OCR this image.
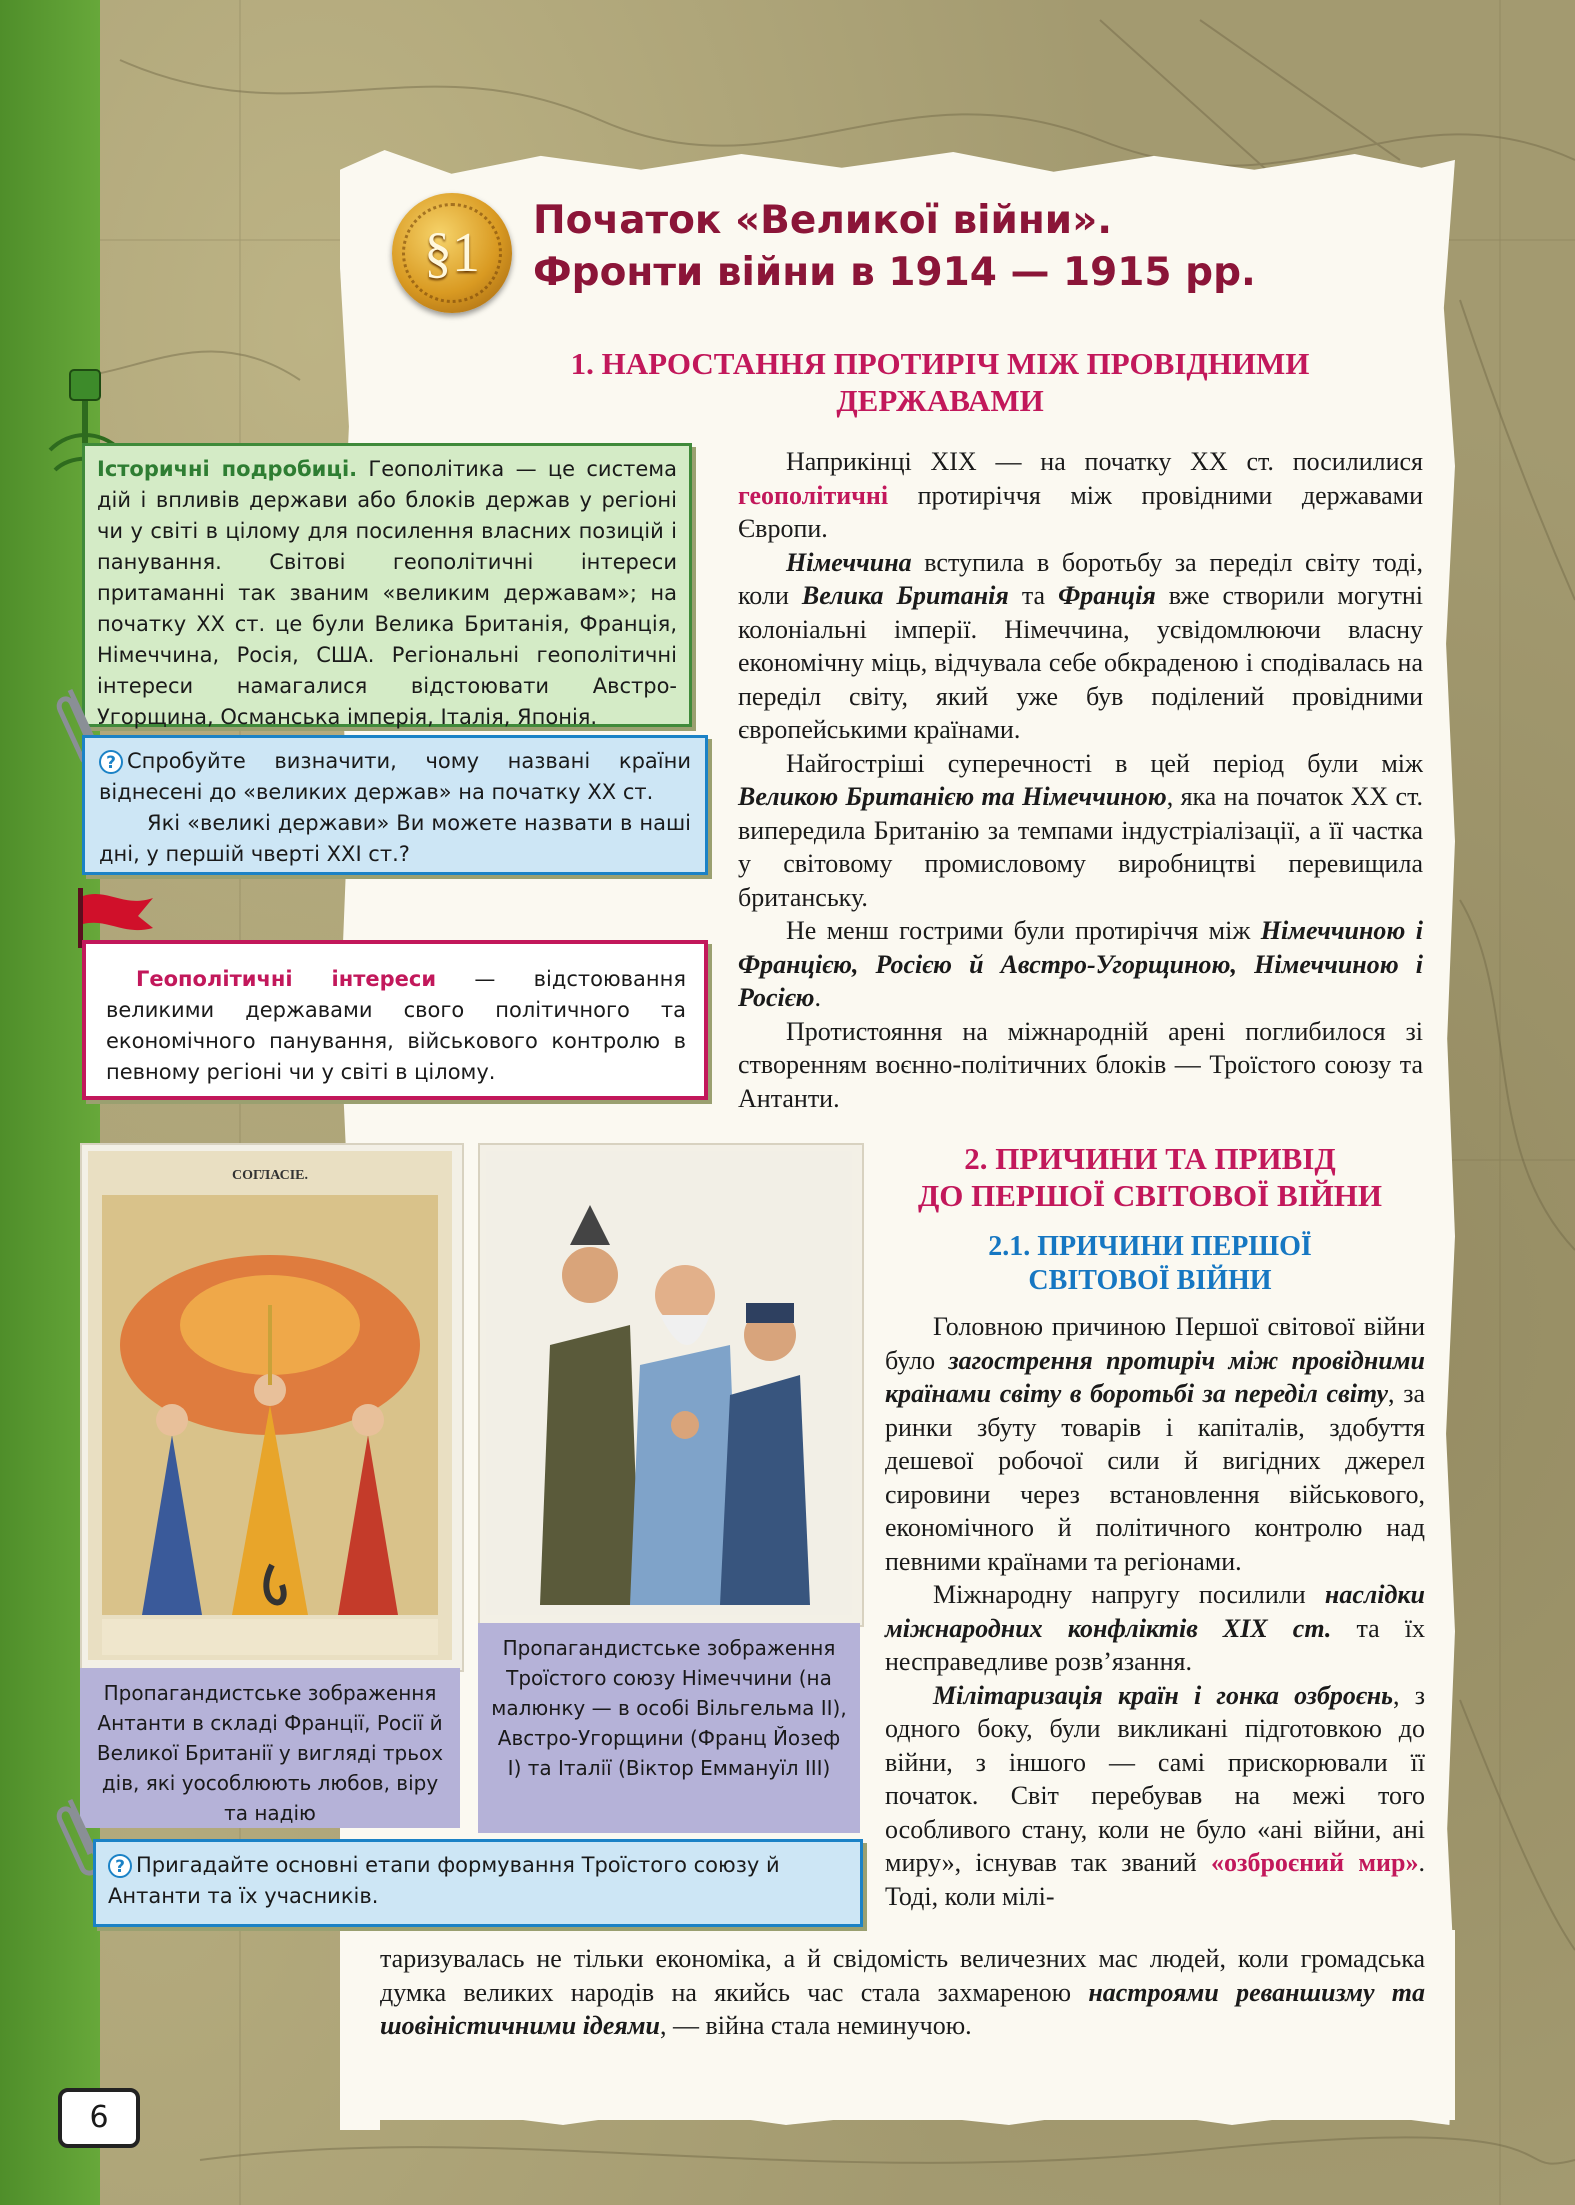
§1
Початок «Великої війни».
Фронти війни в 1914 — 1915 рр.
1. НАРОСТАННЯ ПРОТИРІЧ МІЖ ПРОВІДНИМИ
ДЕРЖАВАМИ
Історичні подробиці. Геополітика — це система дій і впливів держави або блоків держав у регіоні чи у світі в цілому для посилення власних позицій і панування. Світові геополітичні інтереси притаманні так званим «великим державам»; на початку XX ст. це були Велика Британія, Франція, Німеччина, Росія, США. Регіональні геополітичні інтереси намагалися відстоювати Австро-Угорщина, Османська імперія, Італія, Японія.
? Спробуйте визначити, чому названі країни віднесені до «великих держав» на початку XX ст.
Які «великі держави» Ви можете назвати в наші дні, у першій чверті XXI ст.?
Геополітичні інтереси — відстоювання великими державами свого політичного та економічного панування, військового контролю в певному регіоні чи у світі в цілому.

Наприкінці XIX — на початку XX ст. посилилися геополітичні протиріччя між провідними державами Європи.

Німеччина вступила в боротьбу за переділ світу тоді, коли Велика Британія та Франція вже створили могутні колоніальні імперії. Німеччина, усвідомлюючи власну економічну міць, відчувала себе обкраденою і сподівалась на переділ світу, який уже був поділений провідними європейськими країнами.

Найгостріші суперечності в цей період були між Великою Британією та Німеччиною, яка на початок XX ст. випередила Британію за темпами індустріалізації, а її частка у світовому промисловому виробництві перевищила британську.

Не менш гострими були протиріччя між Німеччиною і Францією, Росією й Австро-Угорщиною, Німеччиною і Росією.

Протистояння на міжнародній арені поглибилося зі створенням воєнно-політичних блоків — Троїстого союзу та Антанти.

СОГЛАСІЕ.
Пропагандистське зображення Антанти в складі Франції, Росії й Великої Британії у вигляді трьох дів, які уособлюють любов, віру та надію
Пропагандистське зображення Троїстого союзу Німеччини (на малюнку — в особі Вільгельма II), Австро-Угорщини (Франц Йозеф I) та Італії (Віктор Еммануїл III)
? Пригадайте основні етапи формування Троїстого союзу й Антанти та їх учасників.
2. ПРИЧИНИ ТА ПРИВІД
ДО ПЕРШОЇ СВІТОВОЇ ВІЙНИ
2.1. ПРИЧИНИ ПЕРШОЇ
СВІТОВОЇ ВІЙНИ

Головною причиною Першої світової війни було загострення протиріч між провідними країнами світу в боротьбі за переділ світу, за ринки збуту товарів і капіталів, здобуття дешевої робочої сили й вигідних джерел сировини через встановлення військового, економічного й політичного контролю над певними країнами та регіонами.

Міжнародну напругу посилили наслідки міжнародних конфліктів XIX ст. та їх несправедливе розв’язання.

Мілітаризація країн і гонка озброєнь, з одного боку, були викликані підготовкою до війни, з іншого — самі прискорювали її початок. Світ перебував на межі того особливого стану, коли не було «ані війни, ані миру», існував так званий «озброєний мир». Тоді, коли мілі-

таризувалась не тільки економіка, а й свідомість величезних мас людей, коли громадська думка великих народів на якийсь час стала захмареною настроями реваншизму та шовіністичними ідеями, — війна стала неминучою.

6
